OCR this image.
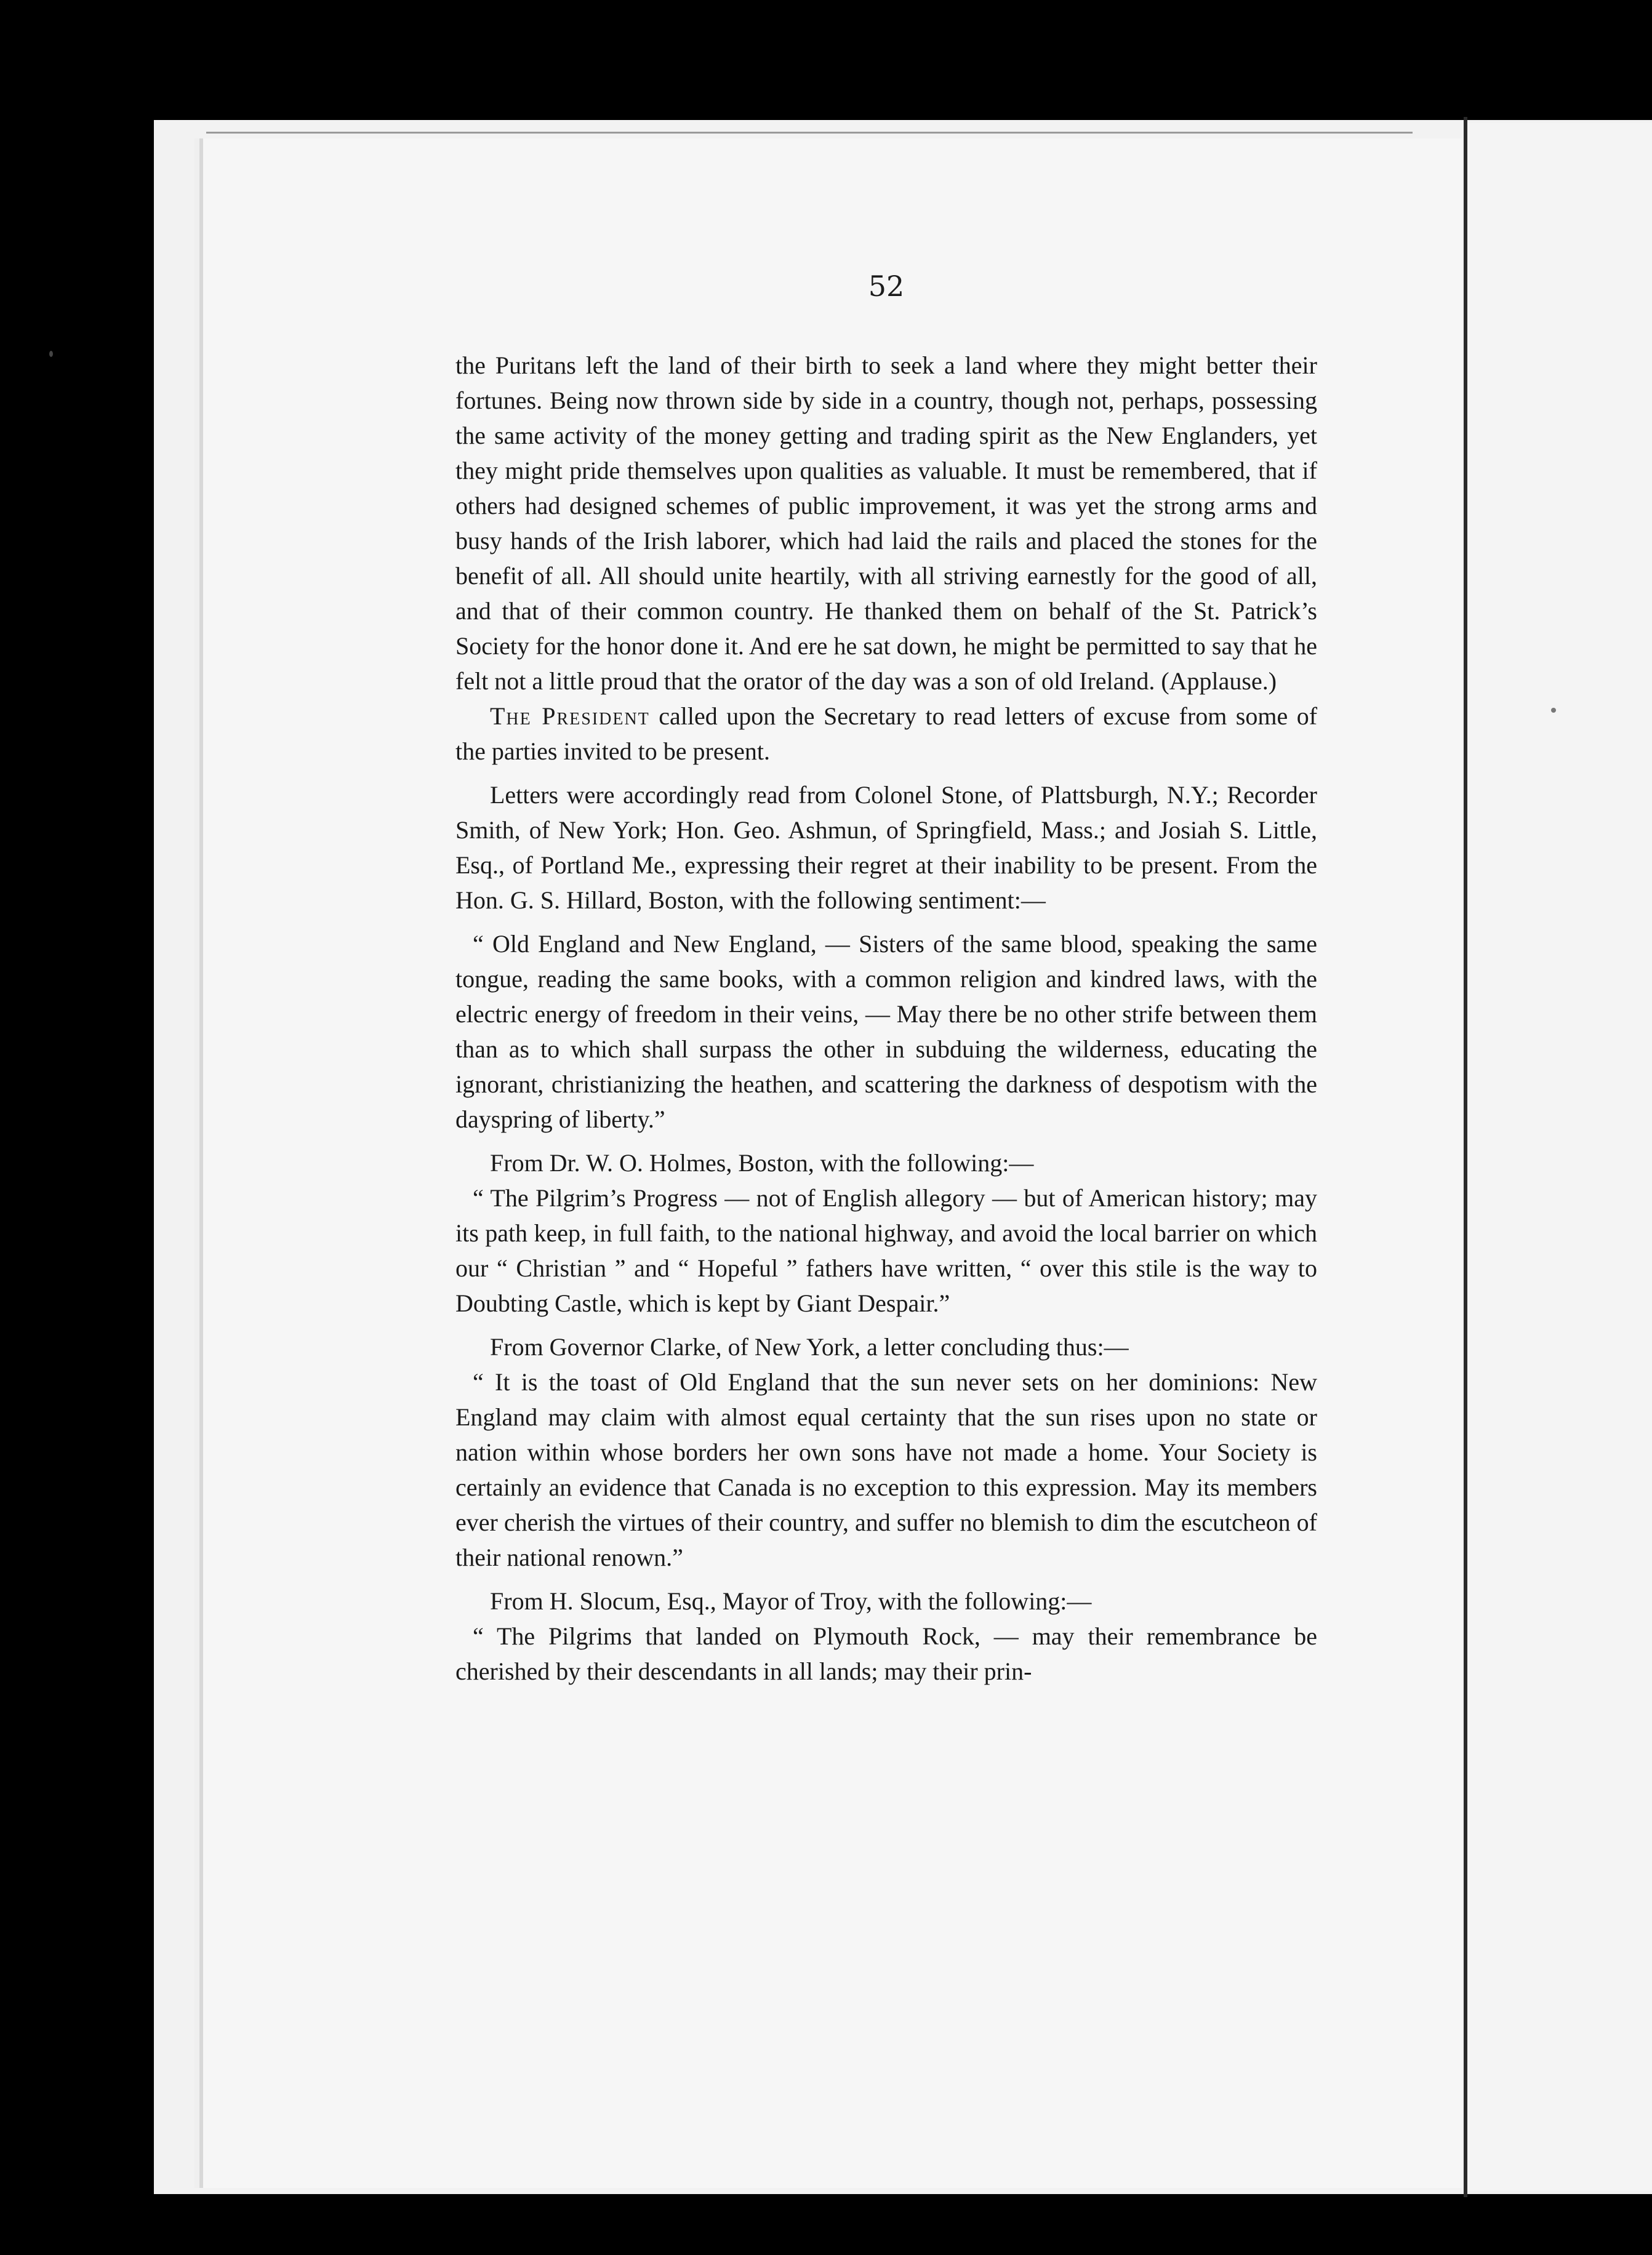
52

the Puritans left the land of their birth to seek a land where they might better their fortunes. Being now thrown side by side in a country, though not, perhaps, possessing the same activity of the money getting and trading spirit as the New Englanders, yet they might pride themselves upon qualities as valuable. It must be remembered, that if others had designed schemes of public improvement, it was yet the strong arms and busy hands of the Irish laborer, which had laid the rails and placed the stones for the benefit of all. All should unite heartily, with all striving earnestly for the good of all, and that of their common country. He thanked them on behalf of the St. Patrick’s Society for the honor done it. And ere he sat down, he might be permitted to say that he felt not a little proud that the orator of the day was a son of old Ireland. (Applause.)

The President called upon the Secretary to read letters of excuse from some of the parties invited to be present.

Letters were accordingly read from Colonel Stone, of Plattsburgh, N.Y.; Recorder Smith, of New York; Hon. Geo. Ashmun, of Springfield, Mass.; and Josiah S. Little, Esq., of Portland Me., expressing their regret at their inability to be present. From the Hon. G. S. Hillard, Boston, with the following sentiment:—

“ Old England and New England, — Sisters of the same blood, speaking the same tongue, reading the same books, with a common religion and kindred laws, with the electric energy of freedom in their veins, — May there be no other strife between them than as to which shall surpass the other in subduing the wilderness, educating the ignorant, christianizing the heathen, and scattering the darkness of despotism with the dayspring of liberty.”

From Dr. W. O. Holmes, Boston, with the following:—

“ The Pilgrim’s Progress — not of English allegory — but of American history; may its path keep, in full faith, to the national highway, and avoid the local barrier on which our “ Christian ” and “ Hopeful ” fathers have written, “ over this stile is the way to Doubting Castle, which is kept by Giant Despair.”

From Governor Clarke, of New York, a letter concluding thus:—

“ It is the toast of Old England that the sun never sets on her dominions: New England may claim with almost equal certainty that the sun rises upon no state or nation within whose borders her own sons have not made a home. Your Society is certainly an evidence that Canada is no exception to this expression. May its members ever cherish the virtues of their country, and suffer no blemish to dim the escutcheon of their national renown.”

From H. Slocum, Esq., Mayor of Troy, with the following:—

“ The Pilgrims that landed on Plymouth Rock, — may their remembrance be cherished by their descendants in all lands; may their prin-
